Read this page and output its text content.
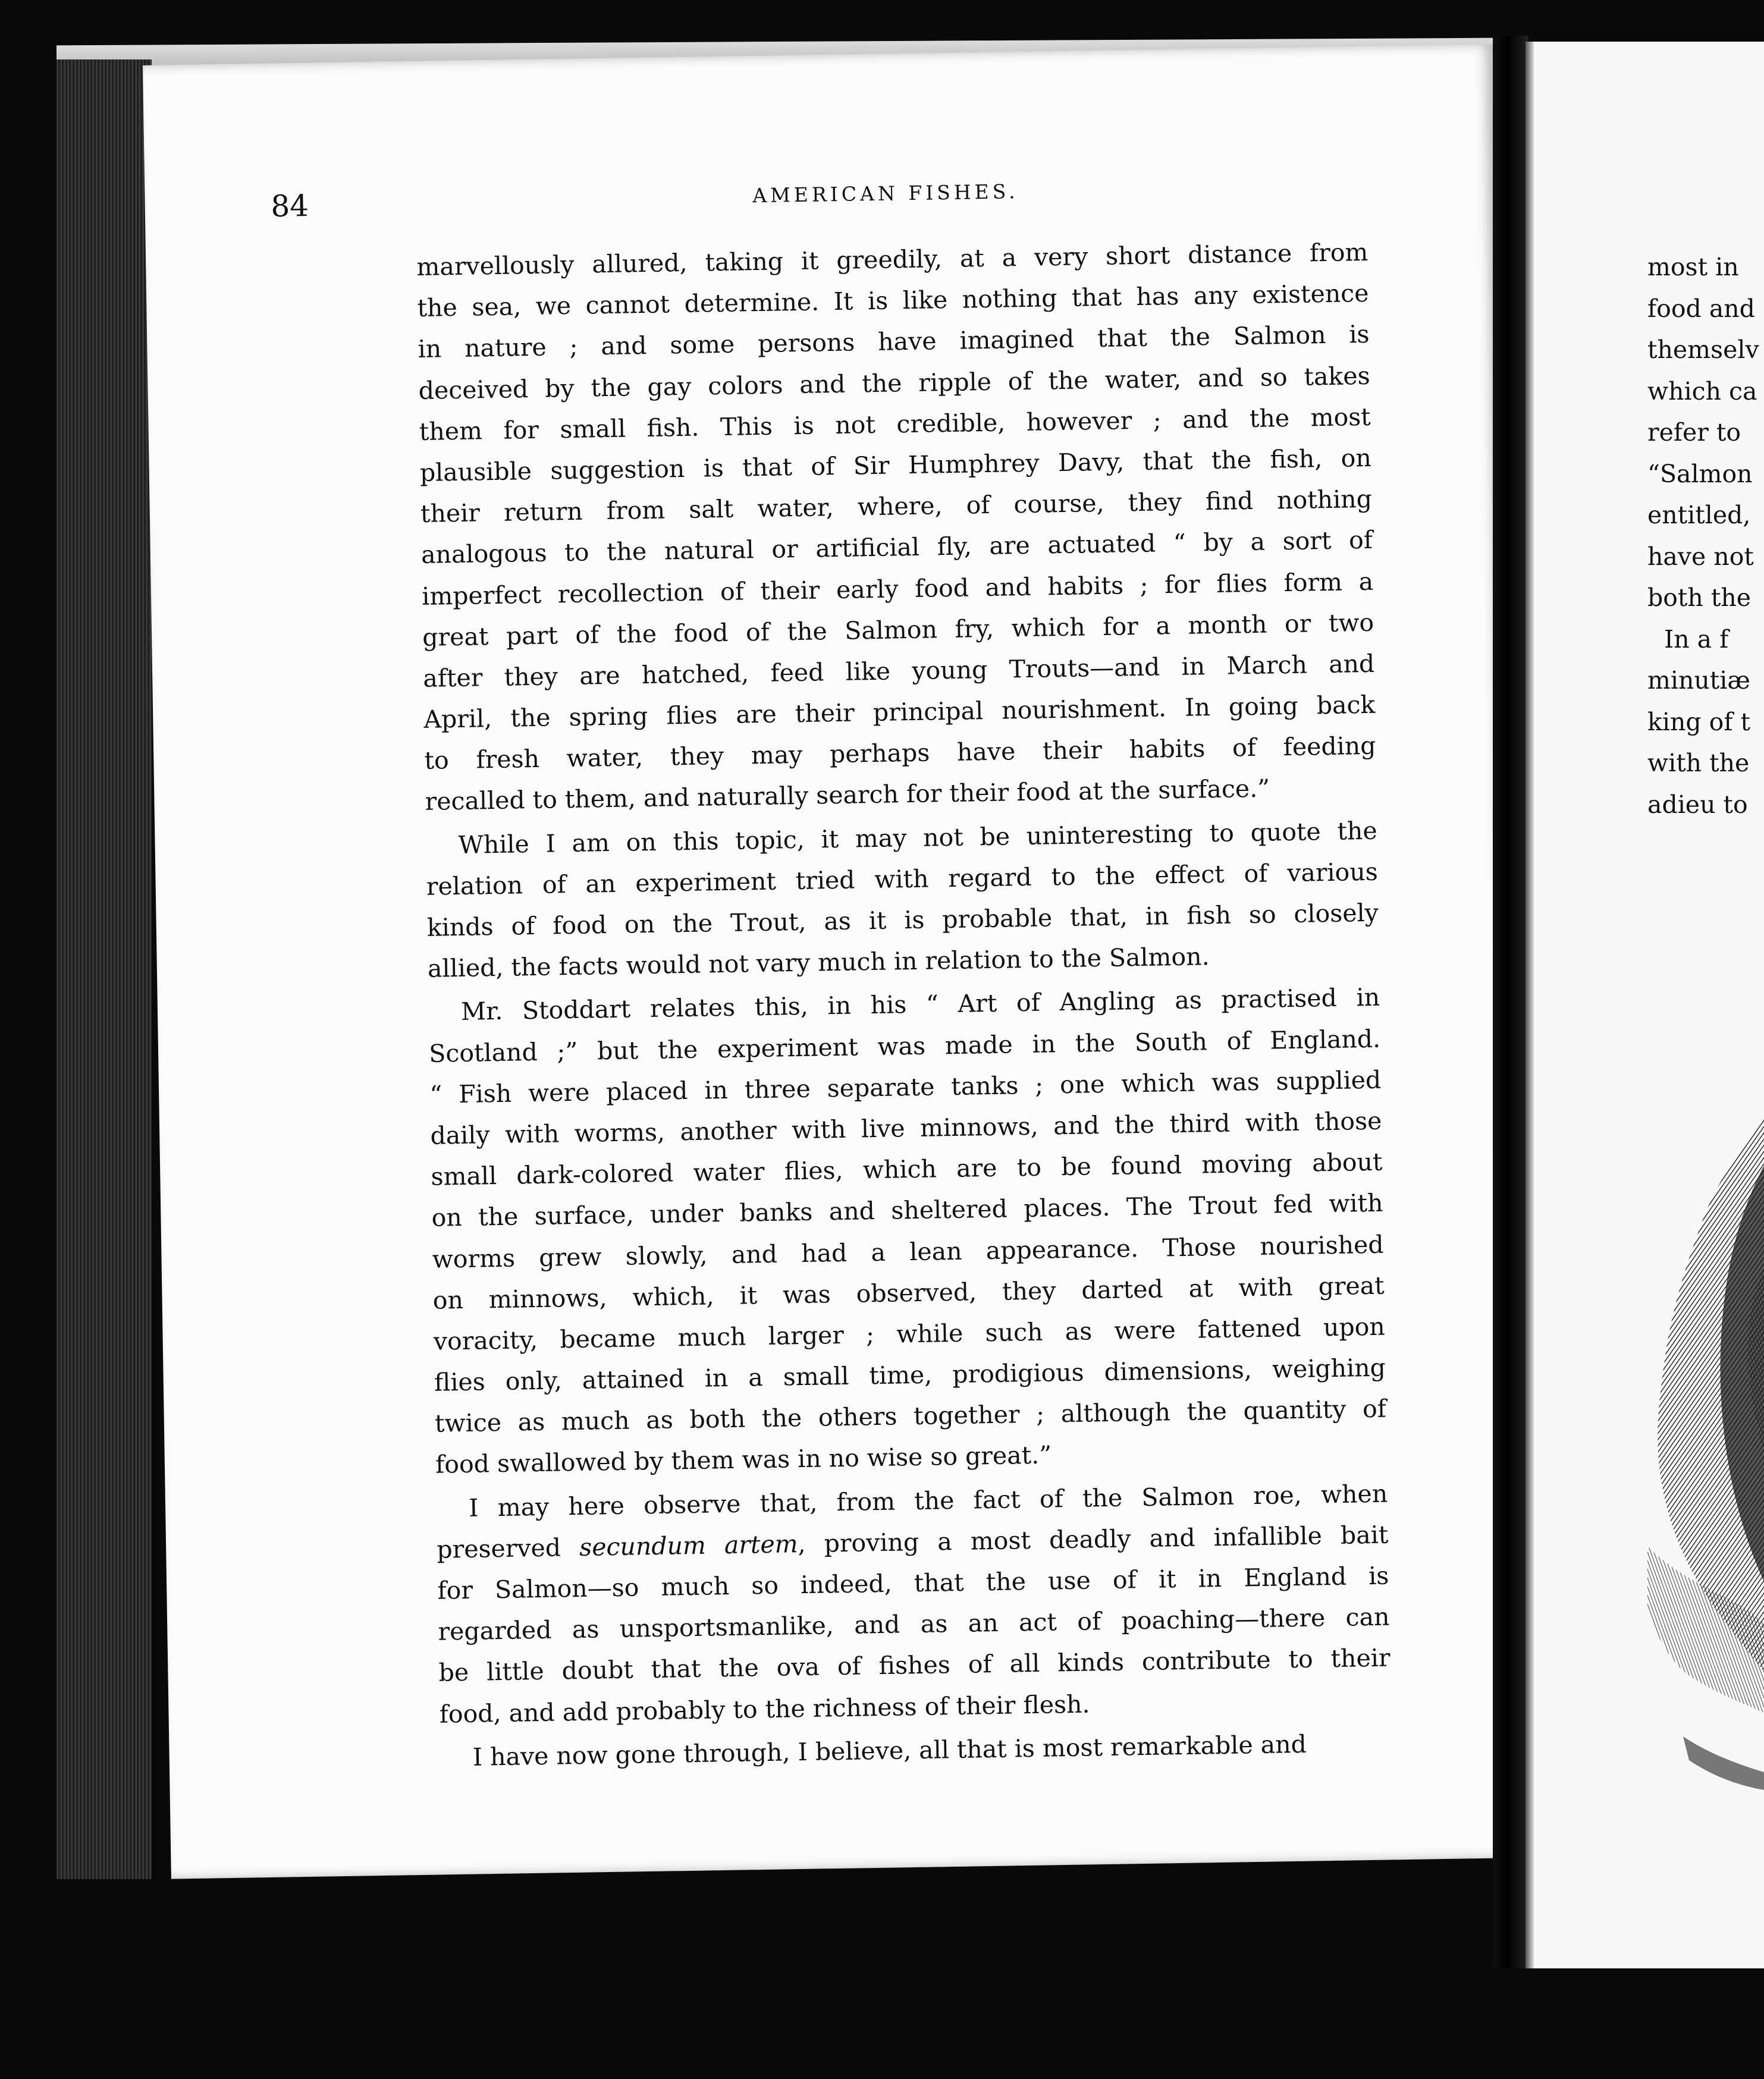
84	AMERICAN FISHES.
marvellously allured, taking it greedily, at a very short distance from
the sea, we cannot determine. It is like nothing that has any existence
in nature ; and some persons have imagined that the Salmon is
deceived by the gay colors and the ripple of the water, and so takes
them for small fish. This is not credible, however ; and the most
plausible suggestion is that of Sir Humphrey Davy, that the fish, on
their return from salt water, where, of course, they find nothing
analogous to the natural or artificial fly, are actuated “ by a sort of
imperfect recollection of their early food and habits ; for flies form a
great part of the food of the Salmon fry, which for a month or two
after they are hatched, feed like young Trouts—and in March and
April, the spring flies are their principal nourishment. In going back
to fresh water, they may perhaps have their habits of feeding
recalled to them, and naturally search for their food at the surface.”
While I am on this topic, it may not be uninteresting to quote the
relation of an experiment tried with regard to the effect of various
kinds of food on the Trout, as it is probable that, in fish so closely
allied, the facts would not vary much in relation to the Salmon.
Mr. Stoddart relates this, in his “ Art of Angling as practised in
Scotland ;” but the experiment was made in the South of England.
“ Fish were placed in three separate tanks ; one which was supplied
daily with worms, another with live minnows, and the third with those
small dark-colored water flies, which are to be found moving about
on the surface, under banks and sheltered places. The Trout fed with
worms grew slowly, and had a lean appearance. Those nourished
on minnows, which, it was observed, they darted at with great
voracity, became much larger ; while such as were fattened upon
flies only, attained in a small time, prodigious dimensions, weighing
twice as much as both the others together ; although the quantity of
food swallowed by them was in no wise so great.”
I may here observe that, from the fact of the Salmon roe, when
preserved secundum artem, proving a most deadly and infallible bait
for Salmon—so much so indeed, that the use of it in England is
regarded as unsportsmanlike, and as an act of poaching—there can
be little doubt that the ova of fishes of all kinds contribute to their
food, and add probably to the richness of their flesh.
I have now gone through, I believe, all that is most remarkable and
most in
food and
themselv
which ca
refer to
“Salmon
entitled,
have not
both the
In a f
minutiæ
king of t
with the
adieu to
